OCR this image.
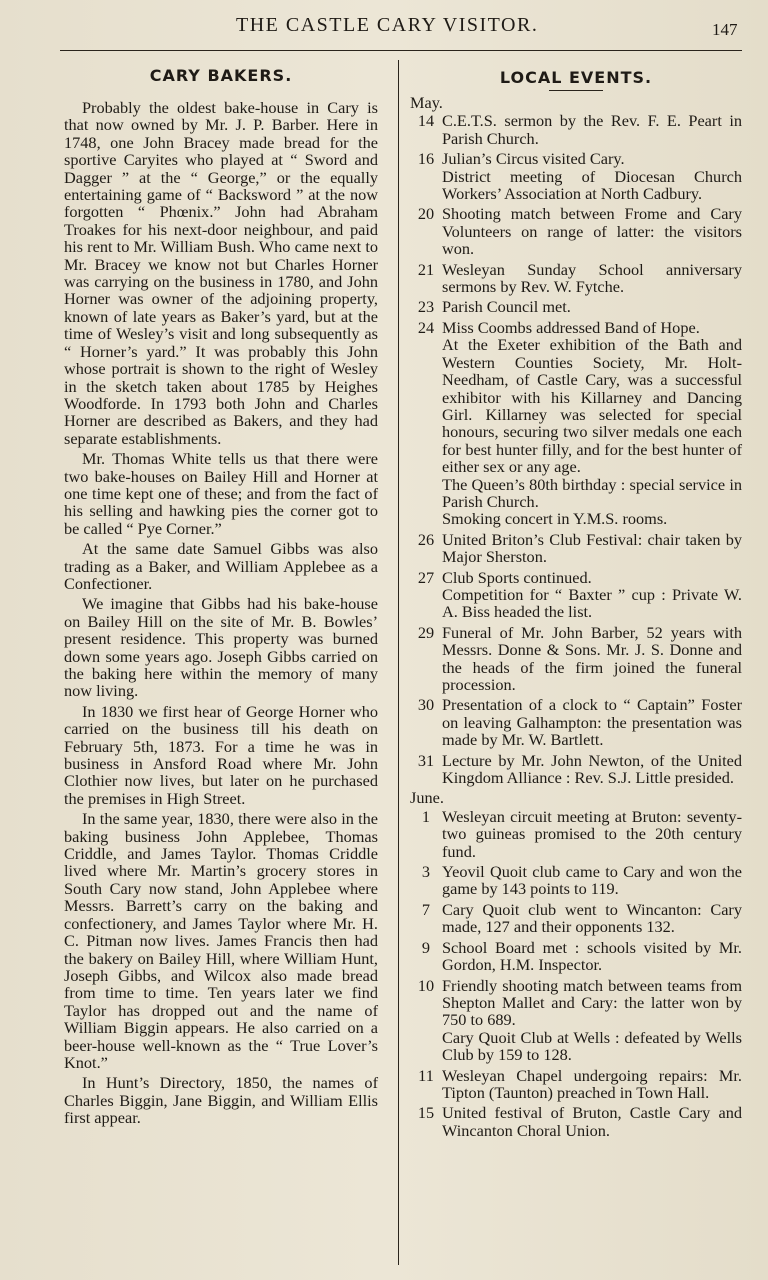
THE CASTLE CARY VISITOR.	147
CARY BAKERS.

Probably the oldest bake-house in Cary is that now owned by Mr. J. P. Barber. Here in 1748, one John Bracey made bread for the sportive Caryites who played at “ Sword and Dagger ” at the “ George,” or the equally entertaining game of “ Backsword ” at the now forgotten “ Phœnix.” John had Abraham Troakes for his next-door neighbour, and paid his rent to Mr. William Bush. Who came next to Mr. Bracey we know not but Charles Horner was carrying on the business in 1780, and John Horner was owner of the adjoining property, known of late years as Baker’s yard, but at the time of Wesley’s visit and long subsequently as “ Horner’s yard.” It was probably this John whose portrait is shown to the right of Wesley in the sketch taken about 1785 by Heighes Woodforde. In 1793 both John and Charles Horner are described as Bakers, and they had separate establishments.

Mr. Thomas White tells us that there were two bake-houses on Bailey Hill and Horner at one time kept one of these; and from the fact of his selling and hawking pies the corner got to be called “ Pye Corner.”

At the same date Samuel Gibbs was also trading as a Baker, and William Applebee as a Confectioner.

We imagine that Gibbs had his bake-house on Bailey Hill on the site of Mr. B. Bowles’ present residence. This property was burned down some years ago. Joseph Gibbs carried on the baking here within the memory of many now living.

In 1830 we first hear of George Horner who carried on the business till his death on February 5th, 1873. For a time he was in business in Ansford Road where Mr. John Clothier now lives, but later on he purchased the premises in High Street.

In the same year, 1830, there were also in the baking business John Applebee, Thomas Criddle, and James Taylor. Thomas Criddle lived where Mr. Martin’s grocery stores in South Cary now stand, John Applebee where Messrs. Barrett’s carry on the baking and confectionery, and James Taylor where Mr. H. C. Pitman now lives. James Francis then had the bakery on Bailey Hill, where William Hunt, Joseph Gibbs, and Wilcox also made bread from time to time. Ten years later we find Taylor has dropped out and the name of William Biggin appears. He also carried on a beer-house well-known as the “ True Lover’s Knot.”

In Hunt’s Directory, 1850, the names of Charles Biggin, Jane Biggin, and William Ellis first appear.

LOCAL EVENTS.
May.
14 C.E.T.S. sermon by the Rev. F. E. Peart in Parish Church.
16 Julian’s Circus visited Cary.
District meeting of Diocesan Church Workers’ Association at North Cadbury.
20 Shooting match between Frome and Cary Volunteers on range of latter: the visitors won.
21 Wesleyan Sunday School anniversary sermons by Rev. W. Fytche.
23 Parish Council met.
24 Miss Coombs addressed Band of Hope.
At the Exeter exhibition of the Bath and Western Counties Society, Mr. Holt-Needham, of Castle Cary, was a successful exhibitor with his Killarney and Dancing Girl. Killarney was selected for special honours, securing two silver medals one each for best hunter filly, and for the best hunter of either sex or any age.
The Queen’s 80th birthday : special service in Parish Church.
Smoking concert in Y.M.S. rooms.
26 United Briton’s Club Festival: chair taken by Major Sherston.
27 Club Sports continued.
Competition for “ Baxter ” cup : Private W. A. Biss headed the list.
29 Funeral of Mr. John Barber, 52 years with Messrs. Donne & Sons. Mr. J. S. Donne and the heads of the firm joined the funeral procession.
30 Presentation of a clock to “ Captain” Foster on leaving Galhampton: the presentation was made by Mr. W. Bartlett.
31 Lecture by Mr. John Newton, of the United Kingdom Alliance : Rev. S.J. Little presided.
June.
1 Wesleyan circuit meeting at Bruton: seventy-two guineas promised to the 20th century fund.
3 Yeovil Quoit club came to Cary and won the game by 143 points to 119.
7 Cary Quoit club went to Wincanton: Cary made, 127 and their opponents 132.
9 School Board met : schools visited by Mr. Gordon, H.M. Inspector.
10 Friendly shooting match between teams from Shepton Mallet and Cary: the latter won by 750 to 689.
Cary Quoit Club at Wells : defeated by Wells Club by 159 to 128.
11 Wesleyan Chapel undergoing repairs: Mr. Tipton (Taunton) preached in Town Hall.
15 United festival of Bruton, Castle Cary and Wincanton Choral Union.
